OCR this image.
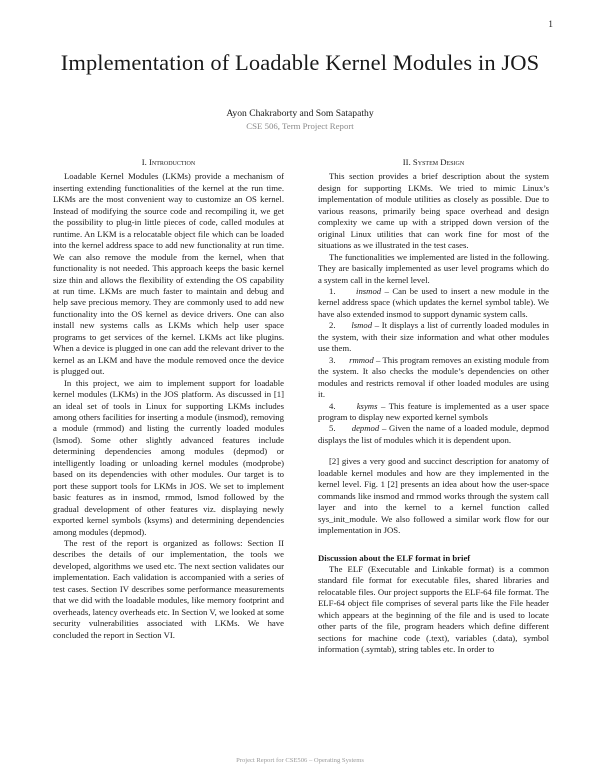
1
Implementation of Loadable Kernel Modules in JOS
Ayon Chakraborty and Som Satapathy
CSE 506, Term Project Report
I. Introduction

Loadable Kernel Modules (LKMs) provide a mechanism of inserting extending functionalities of the kernel at the run time. LKMs are the most convenient way to customize an OS kernel. Instead of modifying the source code and recompiling it, we get the possibility to plug-in little pieces of code, called modules at runtime. An LKM is a relocatable object file which can be loaded into the kernel address space to add new functionality at run time. We can also remove the module from the kernel, when that functionality is not needed. This approach keeps the basic kernel size thin and allows the flexibility of extending the OS capability at run time. LKMs are much faster to maintain and debug and help save precious memory. They are commonly used to add new functionality into the OS kernel as device drivers. One can also install new systems calls as LKMs which help user space programs to get services of the kernel. LKMs act like plugins. When a device is plugged in one can add the relevant driver to the kernel as an LKM and have the module removed once the device is plugged out.

In this project, we aim to implement support for loadable kernel modules (LKMs) in the JOS platform. As discussed in [1] an ideal set of tools in Linux for supporting LKMs includes among others facilities for inserting a module (insmod), removing a module (rmmod) and listing the currently loaded modules (lsmod). Some other slightly advanced features include determining dependencies among modules (depmod) or intelligently loading or unloading kernel modules (modprobe) based on its dependencies with other modules. Our target is to port these support tools for LKMs in JOS. We set to implement basic features as in insmod, rmmod, lsmod followed by the gradual development of other features viz. displaying newly exported kernel symbols (ksyms) and determining dependencies among modules (depmod).

The rest of the report is organized as follows: Section II describes the details of our implementation, the tools we developed, algorithms we used etc. The next section validates our implementation. Each validation is accompanied with a series of test cases. Section IV describes some performance measurements that we did with the loadable modules, like memory footprint and overheads, latency overheads etc. In Section V, we looked at some security vulnerabilities associated with LKMs. We have concluded the report in Section VI.

II. System Design

This section provides a brief description about the system design for supporting LKMs. We tried to mimic Linux’s implementation of module utilities as closely as possible. Due to various reasons, primarily being space overhead and design complexity we came up with a stripped down version of the original Linux utilities that can work fine for most of the situations as we illustrated in the test cases.

The functionalities we implemented are listed in the following. They are basically implemented as user level programs which do a system call in the kernel level.

1. insmod – Can be used to insert a new module in the kernel address space (which updates the kernel symbol table). We have also extended insmod to support dynamic system calls.

2. lsmod – It displays a list of currently loaded modules in the system, with their size information and what other modules use them.

3. rmmod – This program removes an existing module from the system. It also checks the module’s dependencies on other modules and restricts removal if other loaded modules are using it.

4. ksyms – This feature is implemented as a user space program to display new exported kernel symbols

5. depmod – Given the name of a loaded module, depmod displays the list of modules which it is dependent upon.

[2] gives a very good and succinct description for anatomy of loadable kernel modules and how are they implemented in the kernel level. Fig. 1 [2] presents an idea about how the user-space commands like insmod and rmmod works through the system call layer and into the kernel to a kernel function called sys_init_module. We also followed a similar work flow for our implementation in JOS.

Discussion about the ELF format in brief

The ELF (Executable and Linkable format) is a common standard file format for executable files, shared libraries and relocatable files. Our project supports the ELF-64 file format. The ELF-64 object file comprises of several parts like the File header which appears at the beginning of the file and is used to locate other parts of the file, program headers which define different sections for machine code (.text), variables (.data), symbol information (.symtab), string tables etc. In order to

Project Report for CSE506 – Operating Systems
